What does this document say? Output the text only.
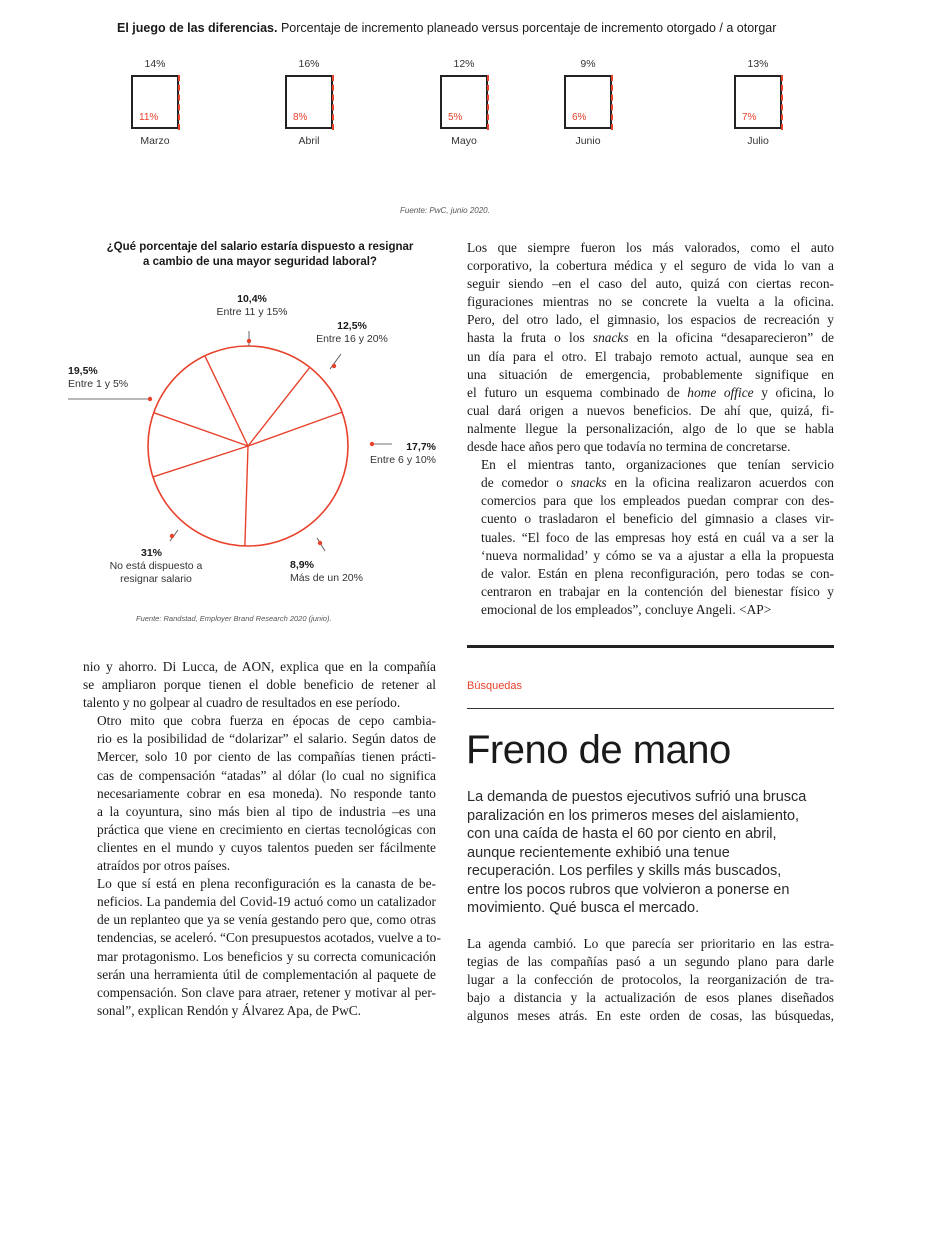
El juego de las diferencias. Porcentaje de incremento planeado versus porcentaje de incremento otorgado / a otorgar
14%
11%
Marzo
16%
8%
Abril
12%
5%
Mayo
9%
6%
Junio
13%
7%
Julio
Fuente: PwC, junio 2020.
¿Qué porcentaje del salario estaría dispuesto a resignar
a cambio de una mayor seguridad laboral?
10,4%
Entre 11 y 15%
12,5%
Entre 16 y 20%
17,7%
Entre 6 y 10%
8,9%
Más de un 20%
31%
No está dispuesto a
resignar salario
19,5%
Entre 1 y 5%
Fuente: Randstad, Employer Brand Research 2020 (junio).

Los que siempre fueron los más valorados, como el auto
corporativo, la cobertura médica y el seguro de vida lo van a
seguir siendo –en el caso del auto, quizá con ciertas recon-
figuraciones mientras no se concrete la vuelta a la oficina.
Pero, del otro lado, el gimnasio, los espacios de recreación y
hasta la fruta o los snacks en la oficina “desaparecieron” de
un día para el otro. El trabajo remoto actual, aunque sea en
una situación de emergencia, probablemente signifique en
el futuro un esquema combinado de home office y oficina, lo
cual dará origen a nuevos beneficios. De ahí que, quizá, fi-
nalmente llegue la personalización, algo de lo que se habla
desde hace años pero que todavía no termina de concretarse.

En el mientras tanto, organizaciones que tenían servicio
de comedor o snacks en la oficina realizaron acuerdos con
comercios para que los empleados puedan comprar con des-
cuento o trasladaron el beneficio del gimnasio a clases vir-
tuales. “El foco de las empresas hoy está en cuál va a ser la
‘nueva normalidad’ y cómo se va a ajustar a ella la propuesta
de valor. Están en plena reconfiguración, pero todas se con-
centraron en trabajar en la contención del bienestar físico y
emocional de los empleados”, concluye Angeli. <AP>

nio y ahorro. Di Lucca, de AON, explica que en la compañía
se ampliaron porque tienen el doble beneficio de retener al
talento y no golpear al cuadro de resultados en ese período.

Otro mito que cobra fuerza en épocas de cepo cambia-
rio es la posibilidad de “dolarizar” el salario. Según datos de
Mercer, solo 10 por ciento de las compañías tienen prácti-
cas de compensación “atadas” al dólar (lo cual no significa
necesariamente cobrar en esa moneda). No responde tanto
a la coyuntura, sino más bien al tipo de industria –es una
práctica que viene en crecimiento en ciertas tecnológicas con
clientes en el mundo y cuyos talentos pueden ser fácilmente
atraídos por otros países.

Lo que sí está en plena reconfiguración es la canasta de be-
neficios. La pandemia del Covid-19 actuó como un catalizador
de un replanteo que ya se venía gestando pero que, como otras
tendencias, se aceleró. “Con presupuestos acotados, vuelve a to-
mar protagonismo. Los beneficios y su correcta comunicación
serán una herramienta útil de complementación al paquete de
compensación. Son clave para atraer, retener y motivar al per-
sonal”, explican Rendón y Álvarez Apa, de PwC.

Búsquedas
Freno de mano
La demanda de puestos ejecutivos sufrió una brusca
paralización en los primeros meses del aislamiento,
con una caída de hasta el 60 por ciento en abril,
aunque recientemente exhibió una tenue
recuperación. Los perfiles y skills más buscados,
entre los pocos rubros que volvieron a ponerse en
movimiento. Qué busca el mercado.

La agenda cambió. Lo que parecía ser prioritario en las estra-
tegias de las compañías pasó a un segundo plano para darle
lugar a la confección de protocolos, la reorganización de tra-
bajo a distancia y la actualización de esos planes diseñados
algunos meses atrás. En este orden de cosas, las búsquedas,
